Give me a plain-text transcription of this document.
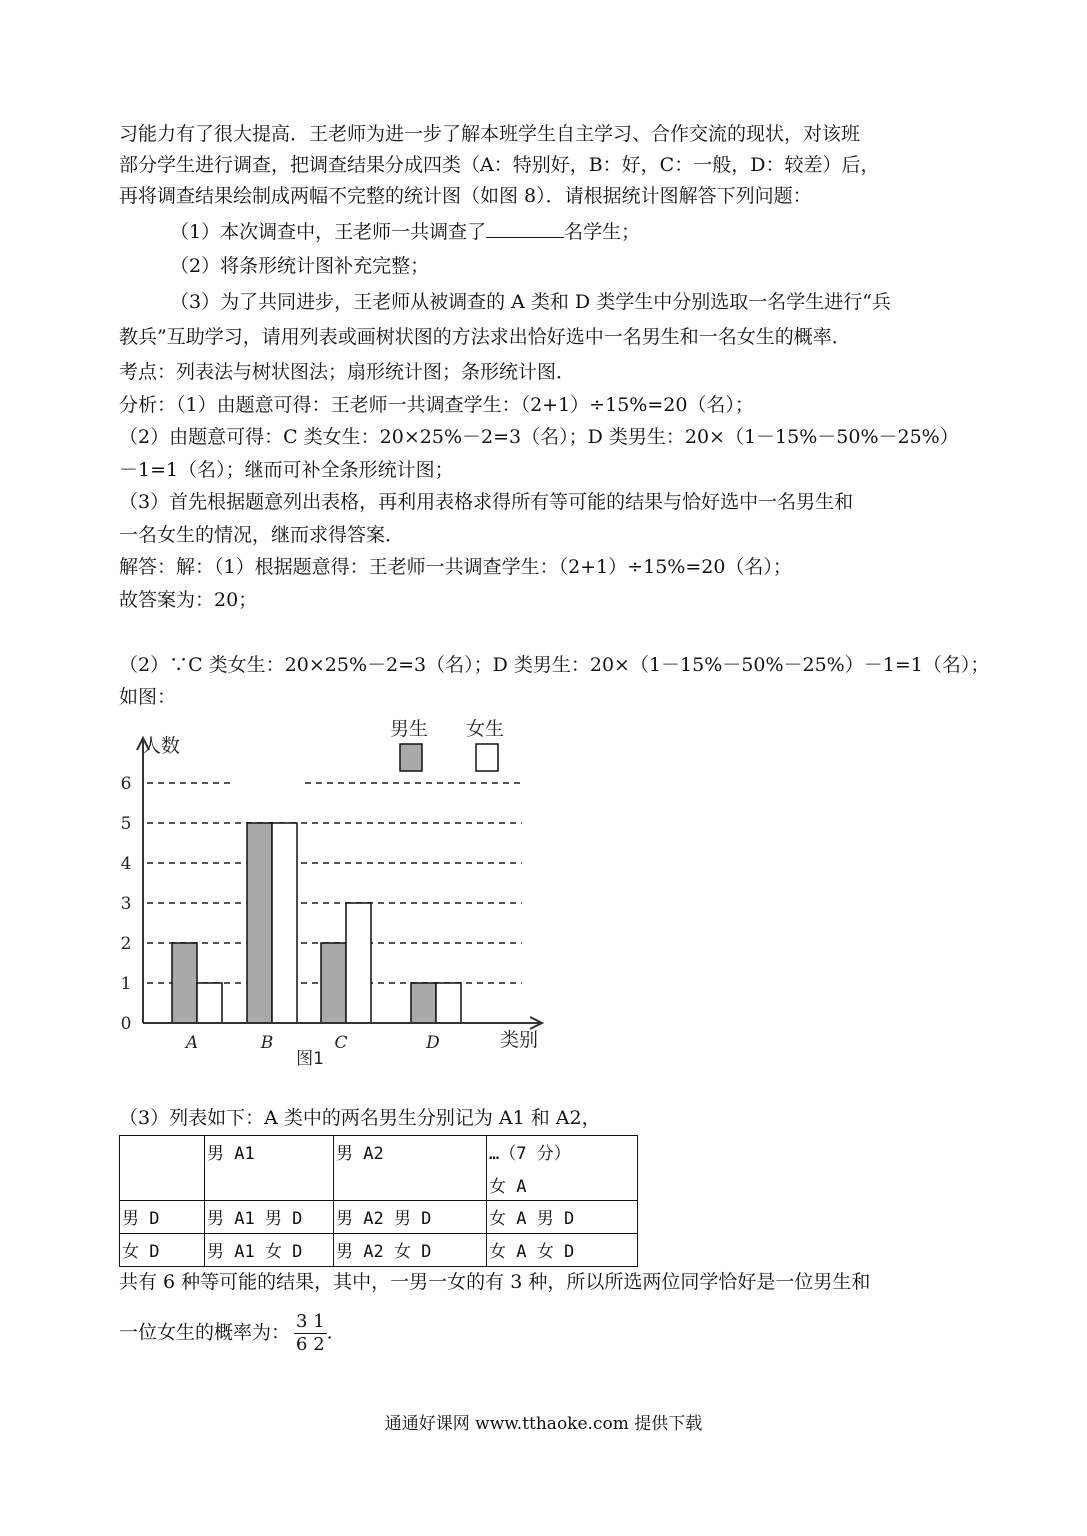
习能力有了很大提高．王老师为进一步了解本班学生自主学习、合作交流的现状，对该班
部分学生进行调查，把调查结果分成四类（A：特别好，B：好，C：一般，D：较差）后，
再将调查结果绘制成两幅不完整的统计图（如图 8）．请根据统计图解答下列问题：
（1）本次调查中，王老师一共调查了	名学生；
（2）将条形统计图补充完整；
（3）为了共同进步，王老师从被调查的 A 类和 D 类学生中分别选取一名学生进行“兵
教兵”互助学习，请用列表或画树状图的方法求出恰好选中一名男生和一名女生的概率．
考点：列表法与树状图法；扇形统计图；条形统计图．
分析：（1）由题意可得：王老师一共调查学生：（2+1）÷15%=20（名）；
（2）由题意可得：C 类女生：20×25%－2=3（名）；D 类男生：20×（1－15%－50%－25%）
－1=1（名）；继而可补全条形统计图；
（3）首先根据题意列出表格，再利用表格求得所有等可能的结果与恰好选中一名男生和
一名女生的情况，继而求得答案．
解答：解：（1）根据题意得：王老师一共调查学生：（2+1）÷15%=20（名）；
故答案为：20；
（2）∵C 类女生：20×25%－2=3（名）；D 类男生：20×（1－15%－50%－25%）－1=1（名）；
如图：
A	B	C	D
0
1
2
3
4
5
6
人数
类别
图1
男生 女生
（3）列表如下：A 类中的两名男生分别记为 A1 和 A2，
	男 A1	男 A2	…（7 分）
女 A

男 D	男 A1 男 D	男 A2 男 D	女 A 男 D
女 D	男 A1 女 D	男 A2 女 D	女 A 女 D
共有 6 种等可能的结果，其中，一男一女的有 3 种，所以所选两位同学恰好是一位男生和
一位女生的概率为： $\frac{3 1}{6 2}$ .
通通好课网 www.tthaoke.com 提供下载
